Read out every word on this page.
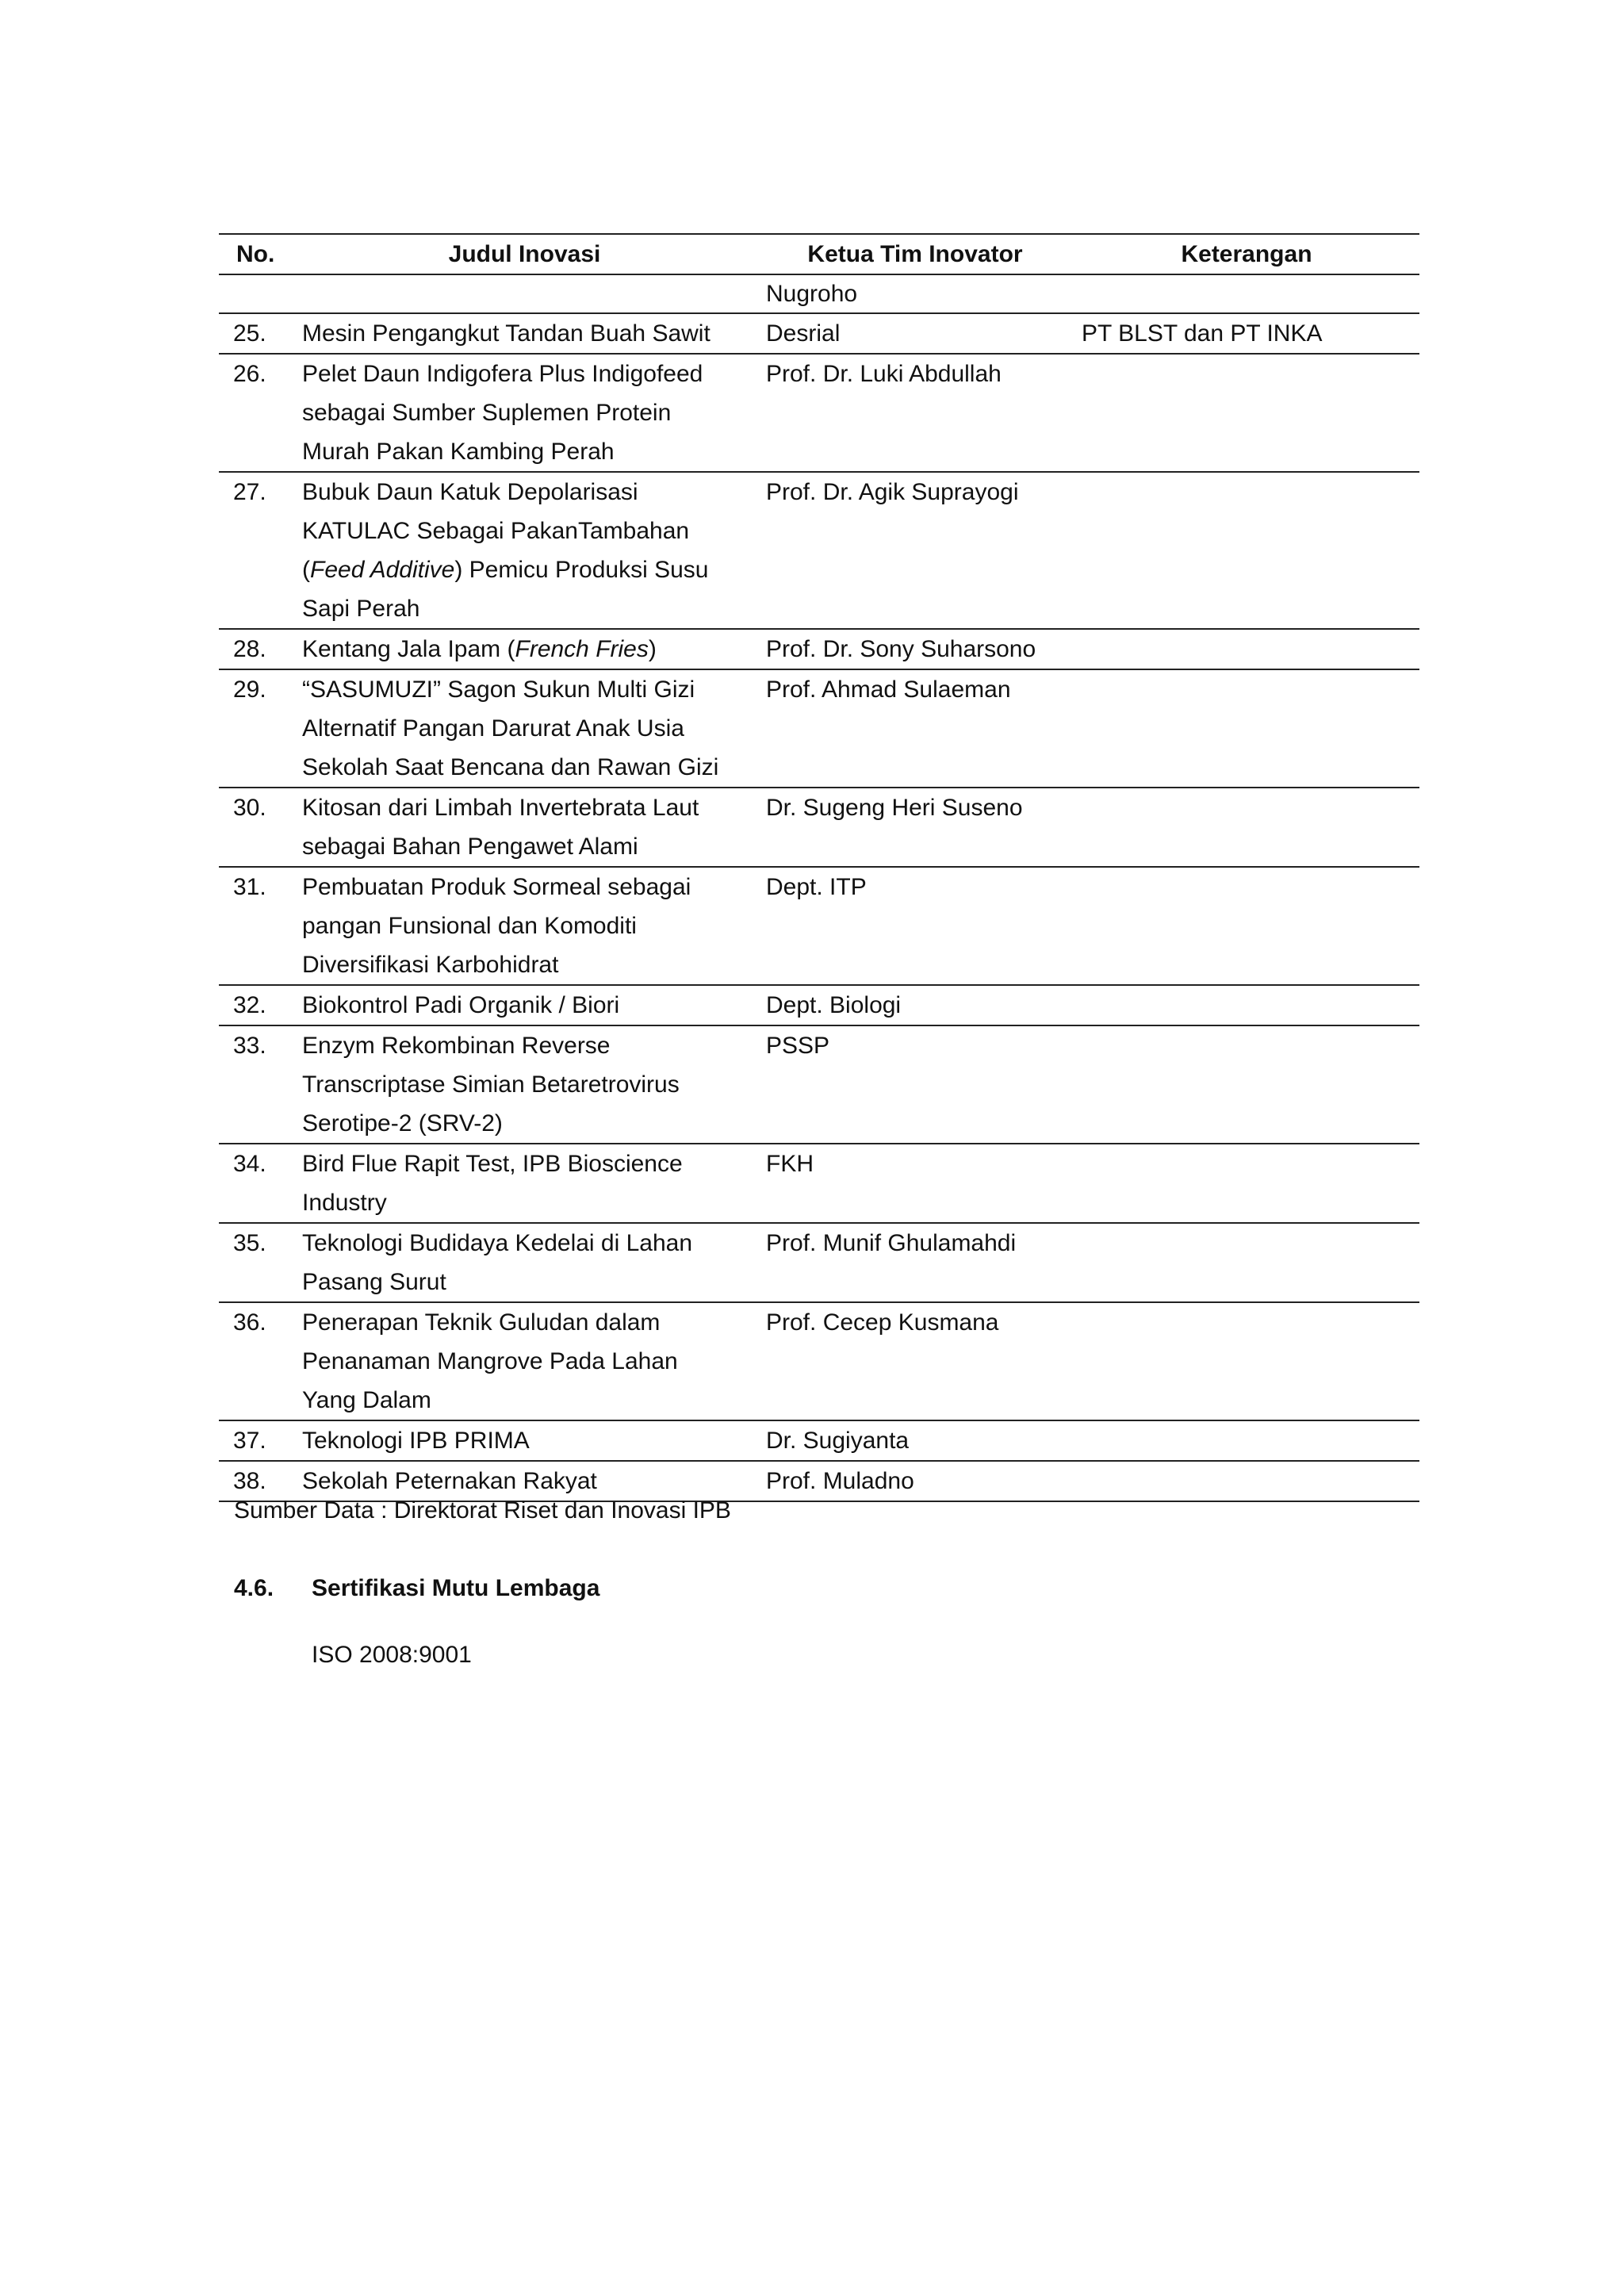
No.	Judul Inovasi	Ketua Tim Inovator	Keterangan
		Nugroho	
25.	Mesin Pengangkut Tandan Buah Sawit	Desrial	PT BLST dan PT INKA
26.	Pelet Daun Indigofera Plus Indigofeed
sebagai Sumber Suplemen Protein
Murah Pakan Kambing Perah	Prof. Dr. Luki Abdullah	
27.	Bubuk Daun Katuk Depolarisasi
KATULAC Sebagai PakanTambahan
(Feed Additive) Pemicu Produksi Susu
Sapi Perah	Prof. Dr. Agik Suprayogi	
28.	Kentang Jala Ipam (French Fries)	Prof. Dr. Sony Suharsono	
29.	“SASUMUZI” Sagon Sukun Multi Gizi
Alternatif Pangan Darurat Anak Usia
Sekolah Saat Bencana dan Rawan Gizi	Prof. Ahmad Sulaeman	
30.	Kitosan dari Limbah Invertebrata Laut
sebagai Bahan Pengawet Alami	Dr. Sugeng Heri Suseno	
31.	Pembuatan Produk Sormeal sebagai
pangan Funsional dan Komoditi
Diversifikasi Karbohidrat	Dept. ITP	
32.	Biokontrol Padi Organik / Biori	Dept. Biologi	
33.	Enzym Rekombinan Reverse
Transcriptase Simian Betaretrovirus
Serotipe-2 (SRV-2)	PSSP	
34.	Bird Flue Rapit Test, IPB Bioscience
Industry	FKH	
35.	Teknologi Budidaya Kedelai di Lahan
Pasang Surut	Prof. Munif Ghulamahdi	
36.	Penerapan Teknik Guludan dalam
Penanaman Mangrove Pada Lahan
Yang Dalam	Prof. Cecep Kusmana	
37.	Teknologi IPB PRIMA	Dr. Sugiyanta	
38.	Sekolah Peternakan Rakyat	Prof. Muladno	
Sumber Data : Direktorat Riset dan Inovasi IPB
4.6. Sertifikasi Mutu Lembaga
ISO 2008:9001
